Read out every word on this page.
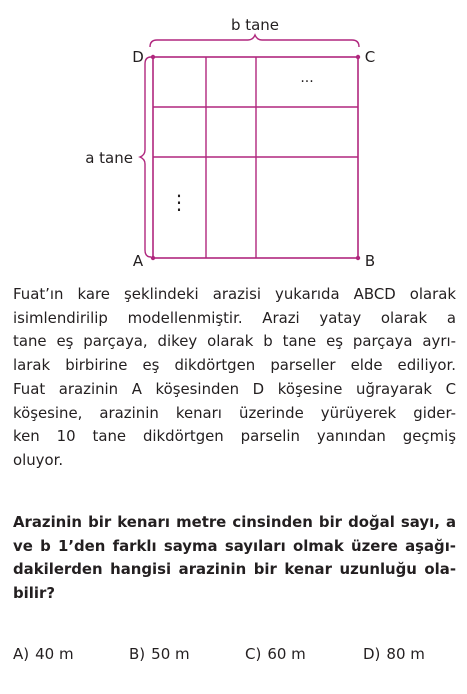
b tane
a tane
D	C
A	B
···
⋮

Fuat’ın kare şeklindeki arazisi yukarıda ABCD olarak
isimlendirilip modellenmiştir. Arazi yatay olarak a
tane eş parçaya, dikey olarak b tane eş parçaya ayrı-
larak birbirine eş dikdörtgen parseller elde ediliyor.
Fuat arazinin A köşesinden D köşesine uğrayarak C
köşesine, arazinin kenarı üzerinde yürüyerek gider-
ken 10 tane dikdörtgen parselin yanından geçmiş
oluyor.

Arazinin bir kenarı metre cinsinden bir doğal sayı, a
ve b 1’den farklı sayma sayıları olmak üzere aşağı-
dakilerden hangisi arazinin bir kenar uzunluğu ola-
bilir?

A) 40 m	B) 50 m	C) 60 m	D) 80 m
